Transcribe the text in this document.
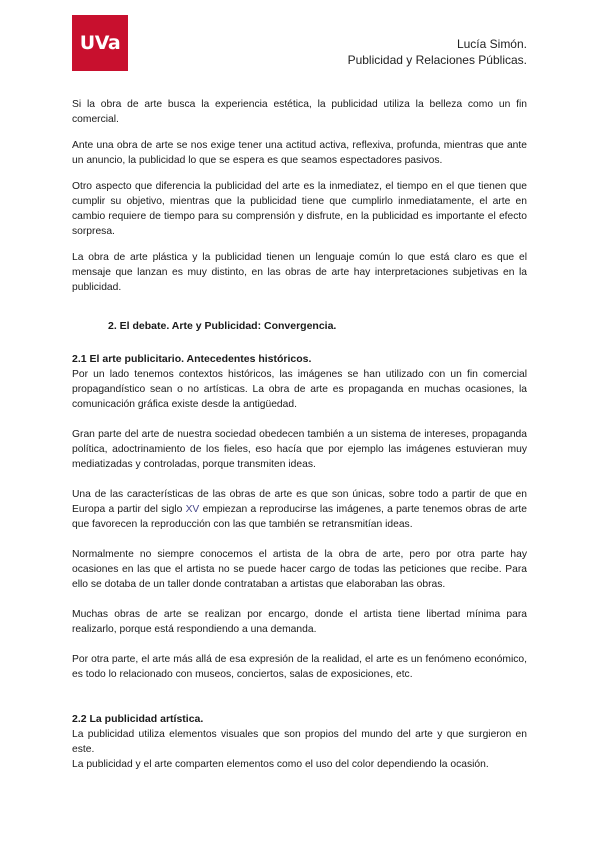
UVa	Lucía Simón.
Publicidad y Relaciones Públicas.

Si la obra de arte busca la experiencia estética, la publicidad utiliza la belleza como un fin comercial.

Ante una obra de arte se nos exige tener una actitud activa, reflexiva, profunda, mientras que ante un anuncio, la publicidad lo que se espera es que seamos espectadores pasivos.

Otro aspecto que diferencia la publicidad del arte es la inmediatez, el tiempo en el que tienen que cumplir su objetivo, mientras que la publicidad tiene que cumplirlo inmediatamente, el arte en cambio requiere de tiempo para su comprensión y disfrute, en la publicidad es importante el efecto sorpresa.

La obra de arte plástica y la publicidad tienen un lenguaje común lo que está claro es que el mensaje que lanzan es muy distinto, en las obras de arte hay interpretaciones subjetivas en la publicidad.

2. El debate. Arte y Publicidad: Convergencia.
2.1 El arte publicitario. Antecedentes históricos.

Por un lado tenemos contextos históricos, las imágenes se han utilizado con un fin comercial propagandístico sean o no artísticas. La obra de arte es propaganda en muchas ocasiones, la comunicación gráfica existe desde la antigüedad.

Gran parte del arte de nuestra sociedad obedecen también a un sistema de intereses, propaganda política, adoctrinamiento de los fieles, eso hacía que por ejemplo las imágenes estuvieran muy mediatizadas y controladas, porque transmiten ideas.

Una de las características de las obras de arte es que son únicas, sobre todo a partir de que en Europa a partir del siglo XV empiezan a reproducirse las imágenes, a parte tenemos obras de arte que favorecen la reproducción con las que también se retransmitían ideas.

Normalmente no siempre conocemos el artista de la obra de arte, pero por otra parte hay ocasiones en las que el artista no se puede hacer cargo de todas las peticiones que recibe. Para ello se dotaba de un taller donde contrataban a artistas que elaboraban las obras.

Muchas obras de arte se realizan por encargo, donde el artista tiene libertad mínima para realizarlo, porque está respondiendo a una demanda.

Por otra parte, el arte más allá de esa expresión de la realidad, el arte es un fenómeno económico, es todo lo relacionado con museos, conciertos, salas de exposiciones, etc.

2.2 La publicidad artística.

La publicidad utiliza elementos visuales que son propios del mundo del arte y que surgieron en este.

La publicidad y el arte comparten elementos como el uso del color dependiendo la ocasión.
